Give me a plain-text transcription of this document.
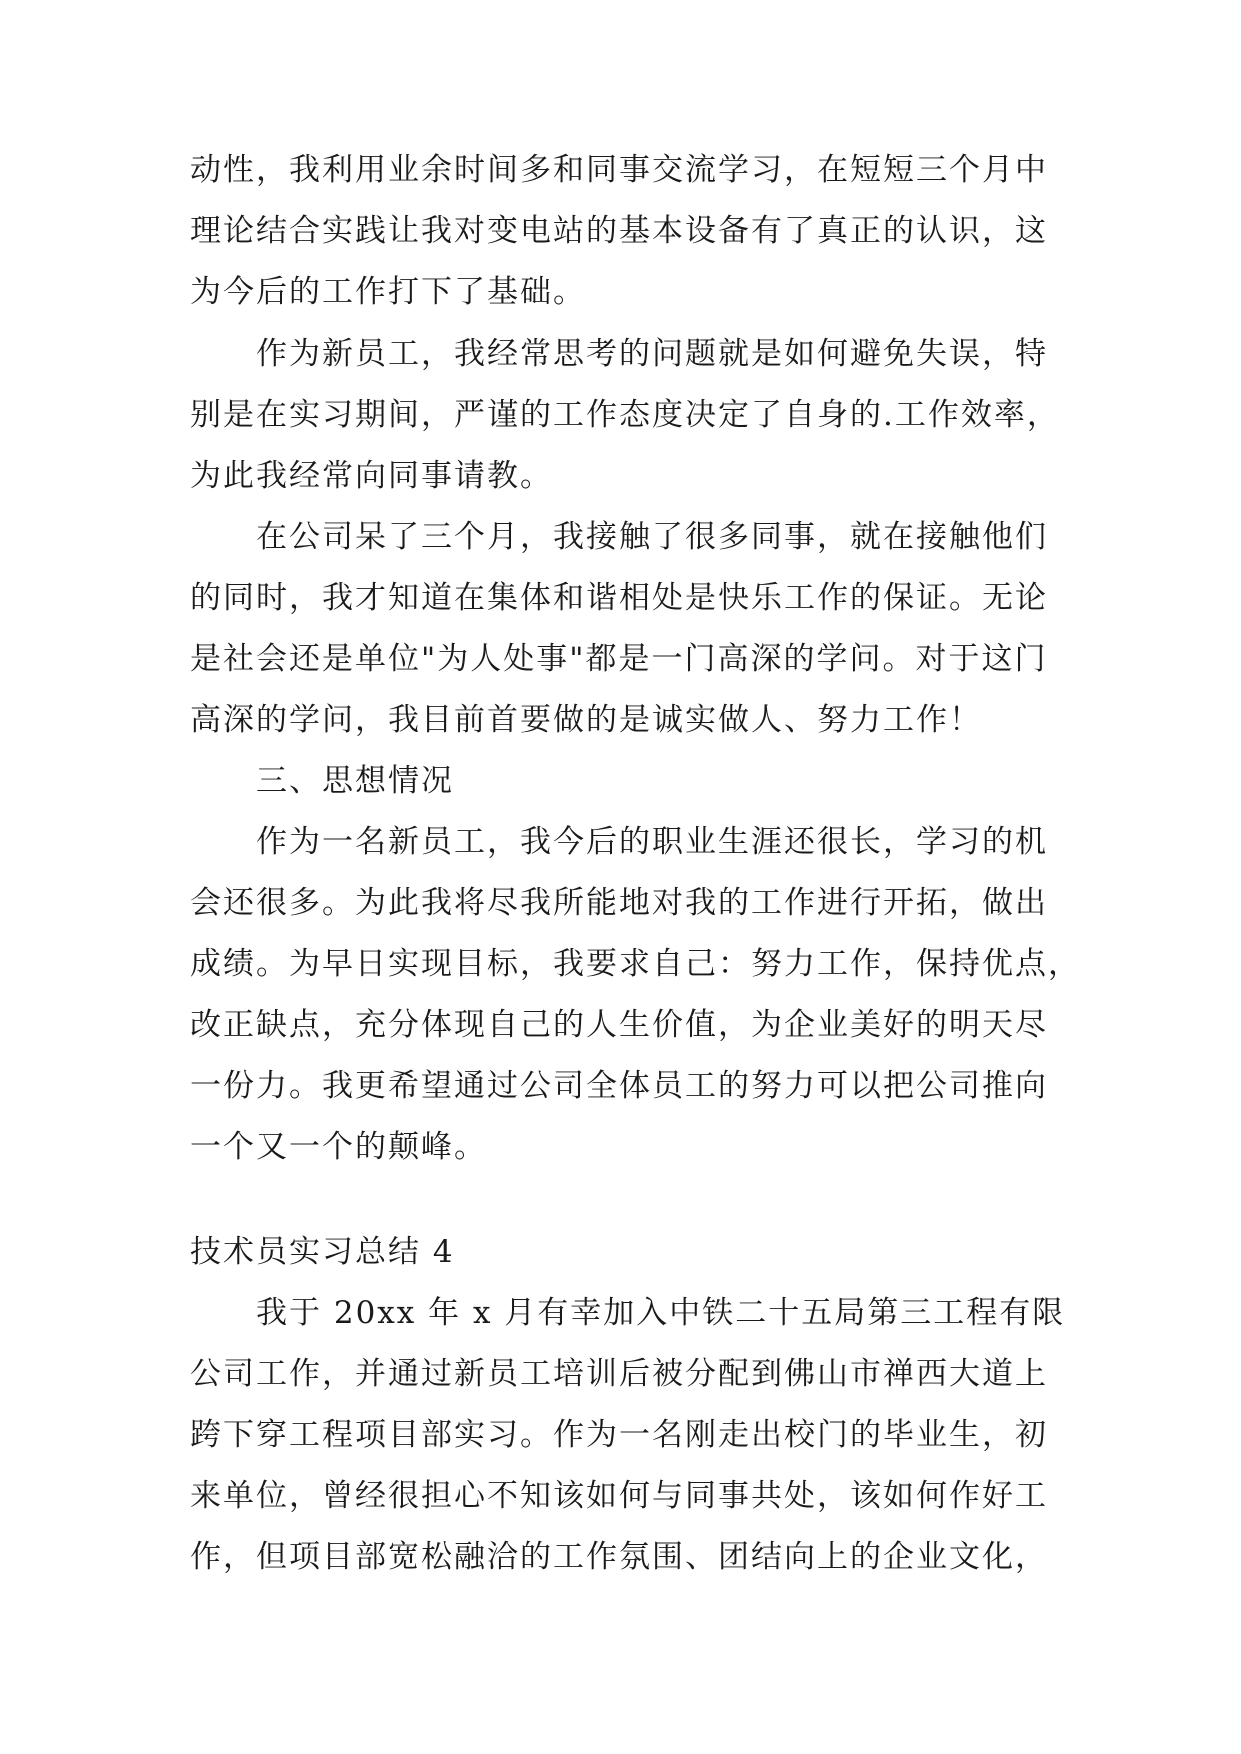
动性，我利用业余时间多和同事交流学习，在短短三个月中
理论结合实践让我对变电站的基本设备有了真正的认识，这
为今后的工作打下了基础。
作为新员工，我经常思考的问题就是如何避免失误，特
别是在实习期间，严谨的工作态度决定了自身的.工作效率，
为此我经常向同事请教。
在公司呆了三个月，我接触了很多同事，就在接触他们
的同时，我才知道在集体和谐相处是快乐工作的保证。无论
是社会还是单位"为人处事"都是一门高深的学问。对于这门
高深的学问，我目前首要做的是诚实做人、努力工作！
三、思想情况
作为一名新员工，我今后的职业生涯还很长，学习的机
会还很多。为此我将尽我所能地对我的工作进行开拓，做出
成绩。为早日实现目标，我要求自己：努力工作，保持优点，
改正缺点，充分体现自己的人生价值，为企业美好的明天尽
一份力。我更希望通过公司全体员工的努力可以把公司推向
一个又一个的颠峰。
技术员实习总结 4
我于 20xx 年 x 月有幸加入中铁二十五局第三工程有限
公司工作，并通过新员工培训后被分配到佛山市禅西大道上
跨下穿工程项目部实习。作为一名刚走出校门的毕业生，初
来单位，曾经很担心不知该如何与同事共处，该如何作好工
作，但项目部宽松融洽的工作氛围、团结向上的企业文化，
